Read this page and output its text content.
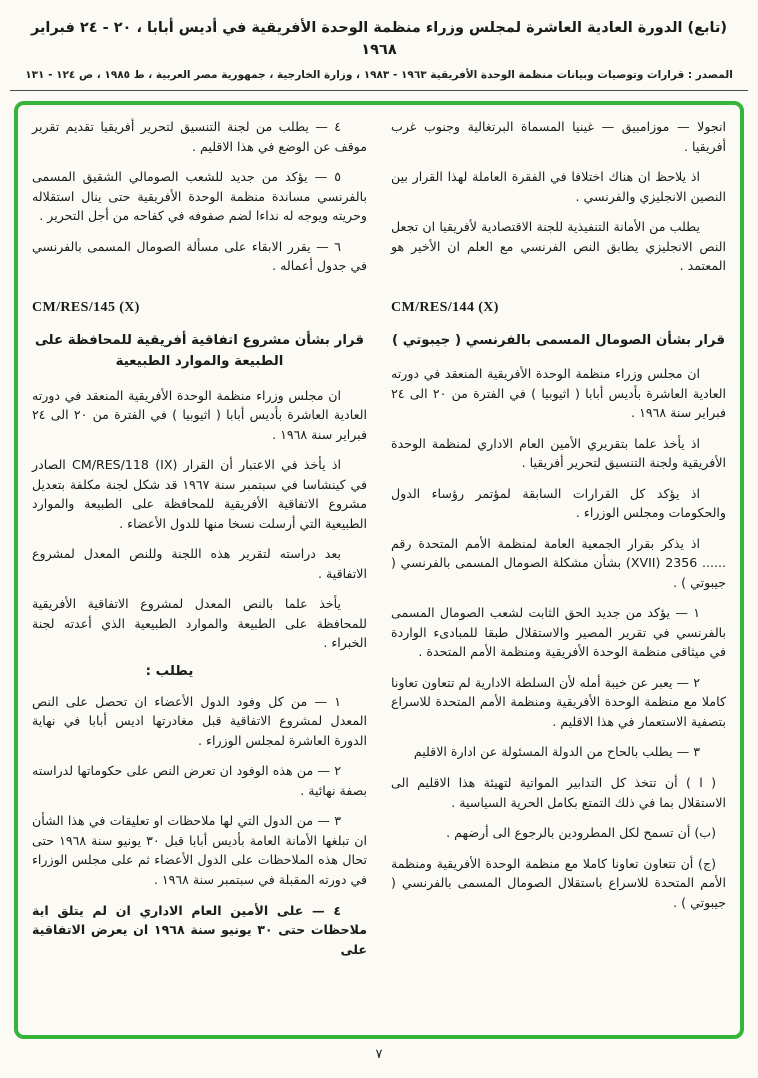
(تابع) الدورة العادية العاشرة لمجلس وزراء منظمة الوحدة الأفريقية في أديس أبابا ، ٢٠ - ٢٤ فبراير ١٩٦٨
المصدر : قرارات وتوصيات وبيانات منظمة الوحدة الأفريقية ١٩٦٣ - ١٩٨٣ ، وزارة الخارجية ، جمهورية مصر العربية ، ط ١٩٨٥ ، ص ١٢٤ - ١٣١

انجولا — موزامبيق — غينيا المسماة البرتغالية وجنوب غرب أفريقيا .

اذ يلاحظ ان هناك اختلافا في الفقرة العاملة لهذا القرار بين النصين الانجليزي والفرنسي .

يطلب من الأمانة التنفيذية للجنة الاقتصادية لأفريقيا ان تجعل النص الانجليزي يطابق النص الفرنسي مع العلم ان الأخير هو المعتمد .

CM/RES/144 (X)
قرار بشأن الصومال المسمى بالفرنسي ( جيبوتي )

ان مجلس وزراء منظمة الوحدة الأفريقية المنعقد في دورته العادية العاشرة بأديس أبابا ( اثيوبيا ) في الفترة من ٢٠ الى ٢٤ فبراير سنة ١٩٦٨ .

اذ يأخذ علما بتقريري الأمين العام الاداري لمنظمة الوحدة الأفريقية ولجنة التنسيق لتحرير أفريقيا .

اذ يؤكد كل القرارات السابقة لمؤتمر رؤساء الدول والحكومات ومجلس الوزراء .

اذ يذكر بقرار الجمعية العامة لمنظمة الأمم المتحدة رقم ...... 2356 (XVII) بشأن مشكلة الصومال المسمى بالفرنسي ( جيبوتي ) .

١ — يؤكد من جديد الحق الثابت لشعب الصومال المسمى بالفرنسي في تقرير المصير والاستقلال طبقا للمبادىء الواردة في ميثاقى منظمة الوحدة الأفريقية ومنظمة الأمم المتحدة .

٢ — يعبر عن خيبة أمله لأن السلطة الادارية لم تتعاون تعاونا كاملا مع منظمة الوحدة الأفريقية ومنظمة الأمم المتحدة للاسراع بتصفية الاستعمار في هذا الاقليم .

٣ — يطلب بالحاح من الدولة المسئولة عن ادارة الاقليم

( ا ) أن تتخذ كل التدابير المواتية لتهيئة هذا الاقليم الى الاستقلال بما في ذلك التمتع بكامل الحرية السياسية .

(ب) أن تسمح لكل المطرودين بالرجوع الى أرضهم .

(ج) أن تتعاون تعاونا كاملا مع منظمة الوحدة الأفريقية ومنظمة الأمم المتحدة للاسراع باستقلال الصومال المسمى بالفرنسي ( جيبوتي ) .

٤ — يطلب من لجنة التنسيق لتحرير أفريقيا تقديم تقرير موقف عن الوضع في هذا الاقليم .

٥ — يؤكد من جديد للشعب الصومالي الشقيق المسمى بالفرنسي مساندة منظمة الوحدة الأفريقية حتى ينال استقلاله وحريته ويوجه له نداءا لضم صفوفه في كفاحه من أجل التحرير .

٦ — يقرر الابقاء على مسألة الصومال المسمى بالفرنسي في جدول أعماله .

CM/RES/145 (X)
قرار بشأن مشروع اتفاقية أفريقية للمحافظة على الطبيعة والموارد الطبيعية

ان مجلس وزراء منظمة الوحدة الأفريقية المنعقد في دورته العادية العاشرة بأديس أبابا ( اثيوبيا ) في الفترة من ٢٠ الى ٢٤ فبراير سنة ١٩٦٨ .

اذ يأخذ في الاعتبار أن القرار CM/RES/118 (IX) الصادر في كينشاسا في سبتمبر سنة ١٩٦٧ قد شكل لجنة مكلفة بتعديل مشروع الاتفاقية الأفريقية للمحافظة على الطبيعة والموارد الطبيعية التي أرسلت نسخا منها للدول الأعضاء .

بعد دراسته لتقرير هذه اللجنة وللنص المعدل لمشروع الاتفاقية .

يأخذ علما بالنص المعدل لمشروع الاتفاقية الأفريقية للمحافظة على الطبيعة والموارد الطبيعية الذي أعدته لجنة الخبراء .

يطلب :

١ — من كل وفود الدول الأعضاء ان تحصل على النص المعدل لمشروع الاتفاقية قبل مغادرتها اديس أبابا في نهاية الدورة العاشرة لمجلس الوزراء .

٢ — من هذه الوفود ان تعرض النص على حكوماتها لدراسته بصفة نهائية .

٣ — من الدول التي لها ملاحظات او تعليقات في هذا الشأن ان تبلغها الأمانة العامة بأديس أبابا قبل ٣٠ يونيو سنة ١٩٦٨ حتى تحال هذه الملاحظات على الدول الأعضاء ثم على مجلس الوزراء في دورته المقبلة في سبتمبر سنة ١٩٦٨ .

٤ — على الأمين العام الاداري ان لم يتلق اية ملاحظات حتى ٣٠ يونيو سنة ١٩٦٨ ان يعرض الاتفاقية على

٧
